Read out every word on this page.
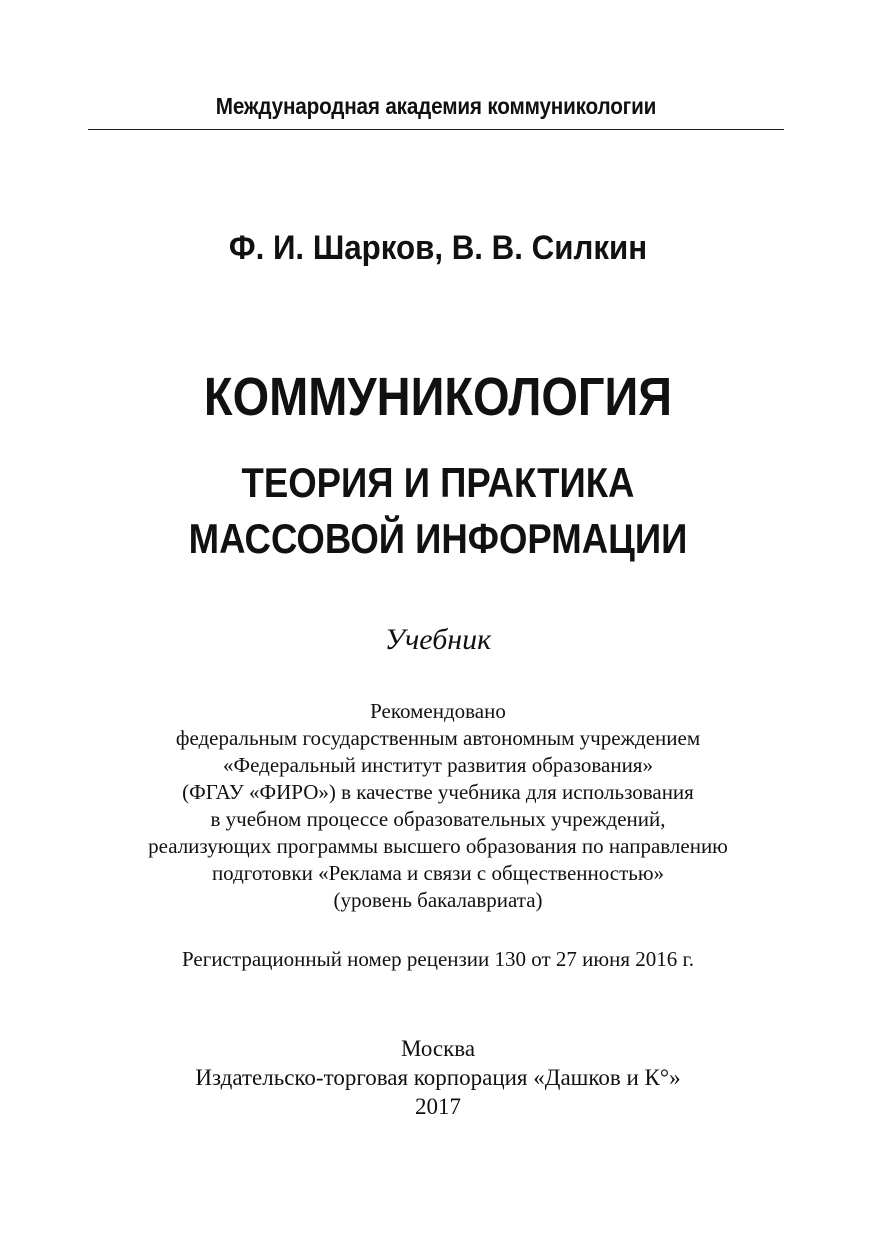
Международная академия коммуникологии
Ф. И. Шарков, В. В. Силкин
КОММУНИКОЛОГИЯ
ТЕОРИЯ И ПРАКТИКА
МАССОВОЙ ИНФОРМАЦИИ
Учебник
Рекомендовано
федеральным государственным автономным учреждением
«Федеральный институт развития образования»
(ФГАУ «ФИРО») в качестве учебника для использования
в учебном процессе образовательных учреждений,
реализующих программы высшего образования по направлению
подготовки «Реклама и связи с общественностью»
(уровень бакалавриата)
Регистрационный номер рецензии 130 от 27 июня 2016 г.
Москва
Издательско-торговая корпорация «Дашков и К°»
2017
